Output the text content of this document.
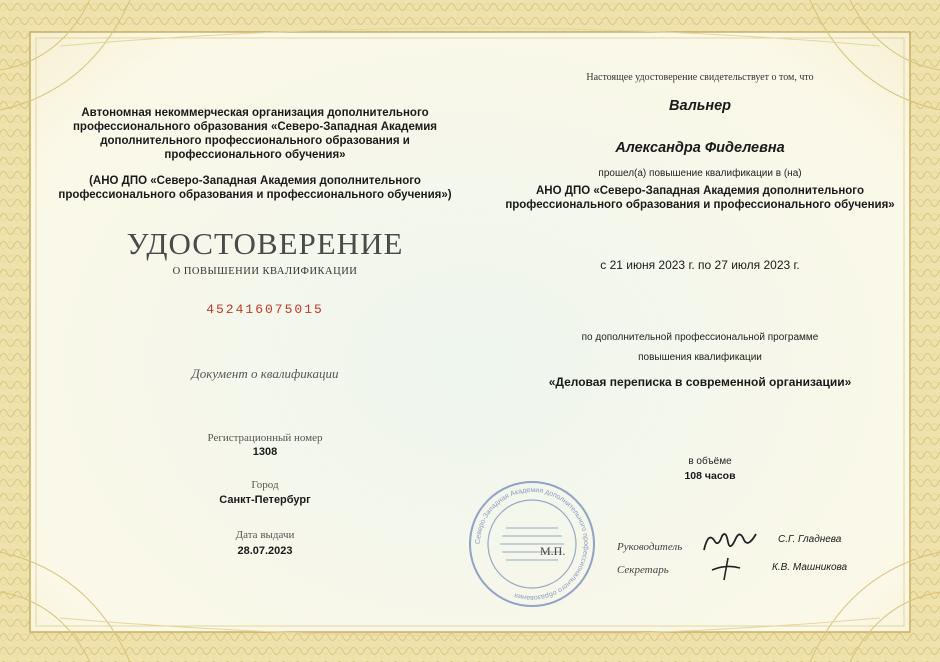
Автономная некоммерческая организация дополнительного профессионального образования «Северо-Западная Академия дополнительного профессионального образования и профессионального обучения»
(АНО ДПО «Северо-Западная Академия дополнительного профессионального образования и профессионального обучения»)
УДОСТОВЕРЕНИЕ
О ПОВЫШЕНИИ КВАЛИФИКАЦИИ
452416075015
Документ о квалификации
Регистрационный номер
1308
Город
Санкт-Петербург
Дата выдачи
28.07.2023
Настоящее удостоверение свидетельствует о том, что
Вальнер
Александра Фиделевна
прошел(а) повышение квалификации в (на)
АНО ДПО «Северо-Западная Академия дополнительного профессионального образования и профессионального обучения»
с 21 июня 2023 г. по 27 июля 2023 г.
по дополнительной профессиональной программе
повышения квалификации
«Деловая переписка в современной организации»
в объёме
108 часов
Северо-Западная Академия дополнительного профессионального образования
М.П.	Руководитель
С.Г. Гладнева
Секретарь	К.В. Машникова
